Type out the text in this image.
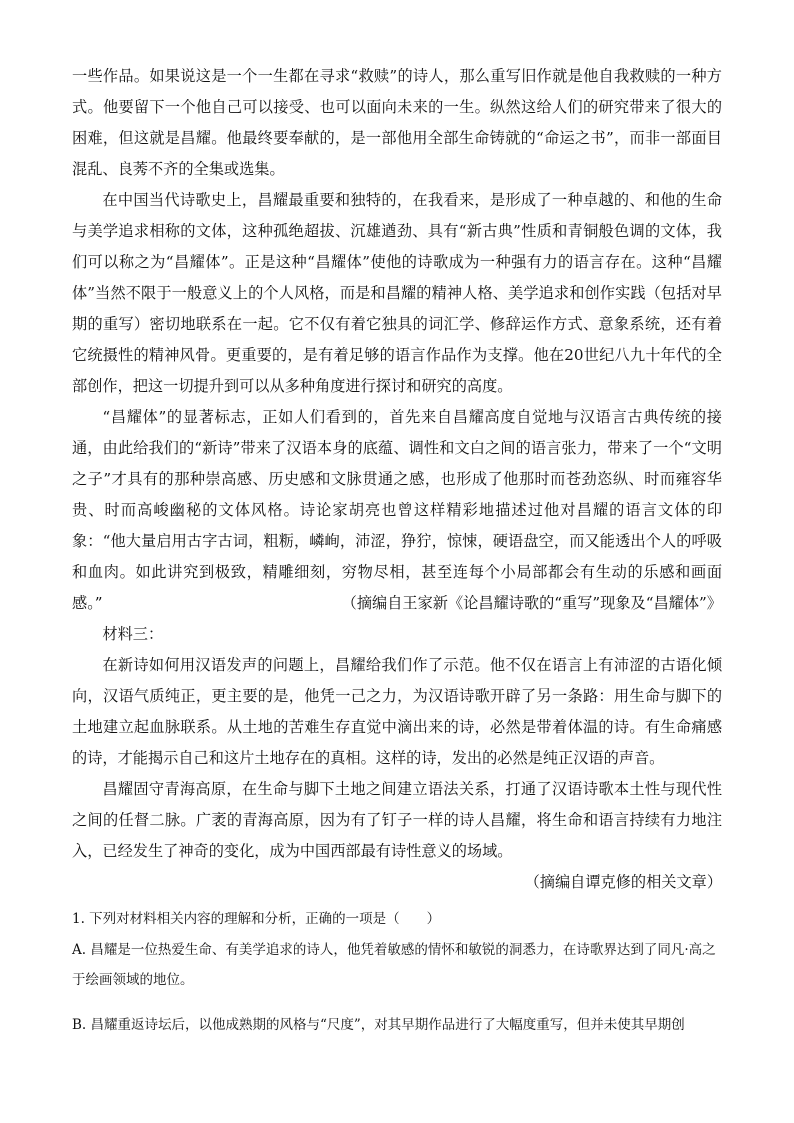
一些作品。如果说这是一个一生都在寻求“救赎”的诗人，那么重写旧作就是他自我救赎的一种方式。他要留下一个他自己可以接受、也可以面向未来的一生。纵然这给人们的研究带来了很大的困难，但这就是昌耀。他最终要奉献的，是一部他用全部生命铸就的“命运之书”，而非一部面目混乱、良莠不齐的全集或选集。
在中国当代诗歌史上，昌耀最重要和独特的，在我看来，是形成了一种卓越的、和他的生命与美学追求相称的文体，这种孤绝超拔、沉雄遒劲、具有“新古典”性质和青铜般色调的文体，我们可以称之为“昌耀体”。正是这种“昌耀体”使他的诗歌成为一种强有力的语言存在。这种“昌耀体”当然不限于一般意义上的个人风格，而是和昌耀的精神人格、美学追求和创作实践（包括对早期的重写）密切地联系在一起。它不仅有着它独具的词汇学、修辞运作方式、意象系统，还有着它统摄性的精神风骨。更重要的，是有着足够的语言作品作为支撑。他在20世纪八九十年代的全部创作，把这一切提升到可以从多种角度进行探讨和研究的高度。
“昌耀体”的显著标志，正如人们看到的，首先来自昌耀高度自觉地与汉语言古典传统的接通，由此给我们的“新诗”带来了汉语本身的底蕴、调性和文白之间的语言张力，带来了一个“文明之子”才具有的那种崇高感、历史感和文脉贯通之感，也形成了他那时而苍劲恣纵、时而雍容华贵、时而高峻幽秘的文体风格。诗论家胡亮也曾这样精彩地描述过他对昌耀的语言文体的印象：“他大量启用古字古词，粗粝，嶙峋，沛涩，狰狞，惊悚，硬语盘空，而又能透出个人的呼吸和血肉。如此讲究到极致，精雕细刻，穷物尽相，甚至连每个小局部都会有生动的乐感和画面感。”	（摘编自王家新《论昌耀诗歌的“重写”现象及“昌耀体”》
材料三：
在新诗如何用汉语发声的问题上，昌耀给我们作了示范。他不仅在语言上有沛涩的古语化倾向，汉语气质纯正，更主要的是，他凭一己之力，为汉语诗歌开辟了另一条路：用生命与脚下的土地建立起血脉联系。从土地的苦难生存直觉中滴出来的诗，必然是带着体温的诗。有生命痛感的诗，才能揭示自己和这片土地存在的真相。这样的诗，发出的必然是纯正汉语的声音。
昌耀固守青海高原，在生命与脚下土地之间建立语法关系，打通了汉语诗歌本土性与现代性之间的任督二脉。广袤的青海高原，因为有了钉子一样的诗人昌耀，将生命和语言持续有力地注入，已经发生了神奇的变化，成为中国西部最有诗性意义的场域。
（摘编自谭克修的相关文章）
1. 下列对材料相关内容的理解和分析，正确的一项是（　　）
A. 昌耀是一位热爱生命、有美学追求的诗人，他凭着敏感的情怀和敏锐的洞悉力，在诗歌界达到了同凡·高之于绘画领域的地位。
B. 昌耀重返诗坛后，以他成熟期的风格与“尺度”，对其早期作品进行了大幅度重写，但并未使其早期创
